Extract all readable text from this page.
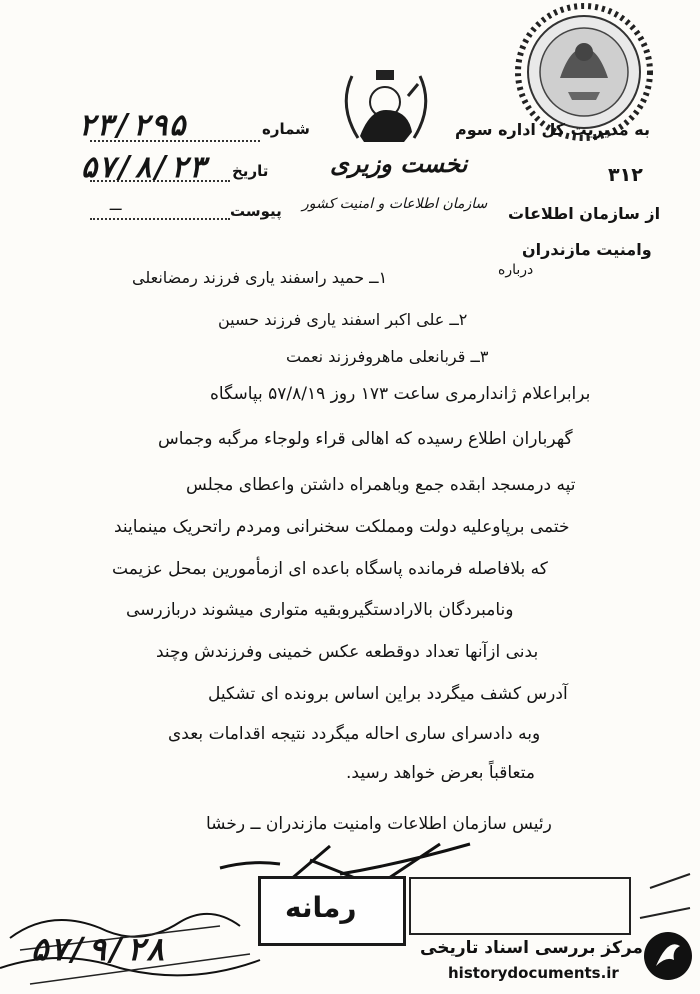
نخست وزیری
سازمان اطلاعات و امنیت کشور
شماره
۲۳/۲۹۵
تاریخ
۵۷/۸/۲۳
پیوست
—
به مدیریت کل اداره سوم
۳۱۲
از سازمان اطلاعات
وامنیت مازندران
درباره
۱ــ حمید راسفند یاری فرزند رمضانعلی
۲ــ علی اکبر اسفند یاری فرزند حسین
۳ــ قربانعلی ماهروفرزند نعمت
برابراعلام ژاندارمری ساعت ۱۷۳ روز ۵۷/۸/۱۹ بپاسگاه
گهرباران اطلاع رسیده که اهالی قراء ولوجاء مرگبه وجماس
تپه درمسجد ابقده جمع وباهمراه داشتن واعطای مجلس
ختمی برپاوعلیه دولت ومملکت سخنرانی ومردم راتحریک مینمایند
که بلافاصله فرمانده پاسگاه باعده ای ازمأمورین بمحل عزیمت
ونامبردگان بالارادستگیروبقیه متواری میشوند دربازرسی
بدنی ازآنها تعداد دوقطعه عکس خمینی وفرزندش وچند
آدرس کشف میگردد براین اساس برونده ای تشکیل
وبه دادسرای ساری احاله میگردد نتیجه اقدامات بعدی
متعاقباً بعرض خواهد رسید.
رئیس سازمان اطلاعات وامنیت مازندران ــ رخشا
۵۷/۹/۲۸
رمانه
مرکز بررسی اسناد تاریخی
historydocuments.ir
